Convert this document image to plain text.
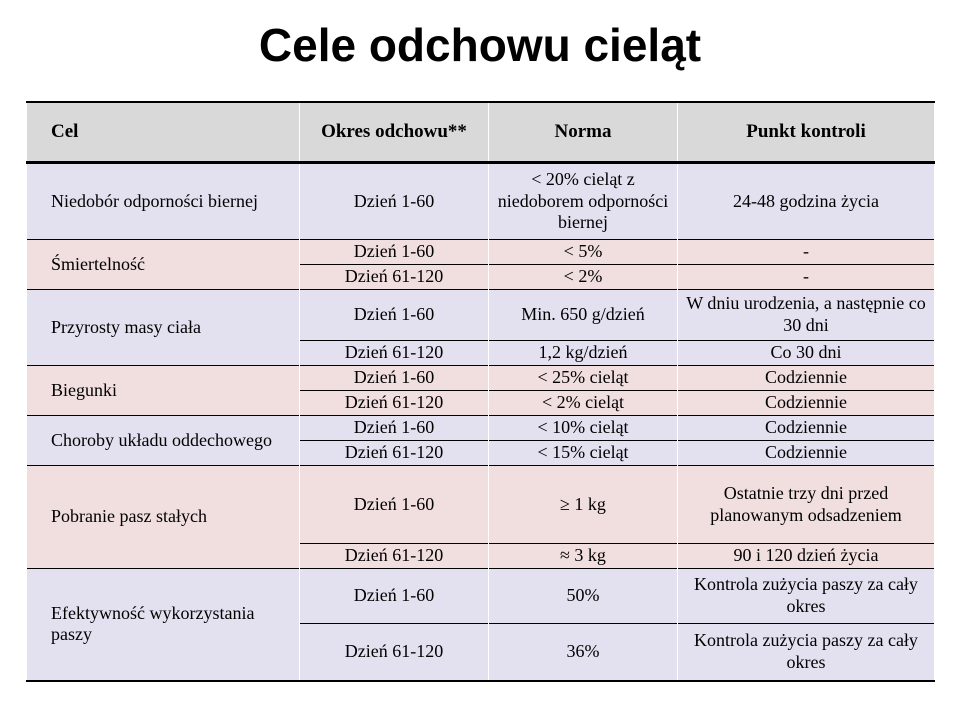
Cele odchowu cieląt
Cel	Okres odchowu**	Norma	Punkt kontroli
Niedobór odporności biernej	Dzień 1-60	< 20% cieląt z niedoborem odporności biernej	24-48 godzina życia
Śmiertelność	Dzień 1-60	< 5%	-
	Dzień 61-120	< 2%	-
Przyrosty masy ciała	Dzień 1-60	Min. 650 g/dzień	W dniu urodzenia, a następnie co 30 dni
	Dzień 61-120	1,2 kg/dzień	Co 30 dni
Biegunki	Dzień 1-60	< 25% cieląt	Codziennie
	Dzień 61-120	< 2% cieląt	Codziennie
Choroby układu oddechowego	Dzień 1-60	< 10% cieląt	Codziennie
	Dzień 61-120	< 15% cieląt	Codziennie
Pobranie pasz stałych	Dzień 1-60	≥ 1 kg	Ostatnie trzy dni przed planowanym odsadzeniem
	Dzień 61-120	≈ 3 kg	90 i 120 dzień życia
Efektywność wykorzystania paszy	Dzień 1-60	50%	Kontrola zużycia paszy za cały okres
	Dzień 61-120	36%	Kontrola zużycia paszy za cały okres
